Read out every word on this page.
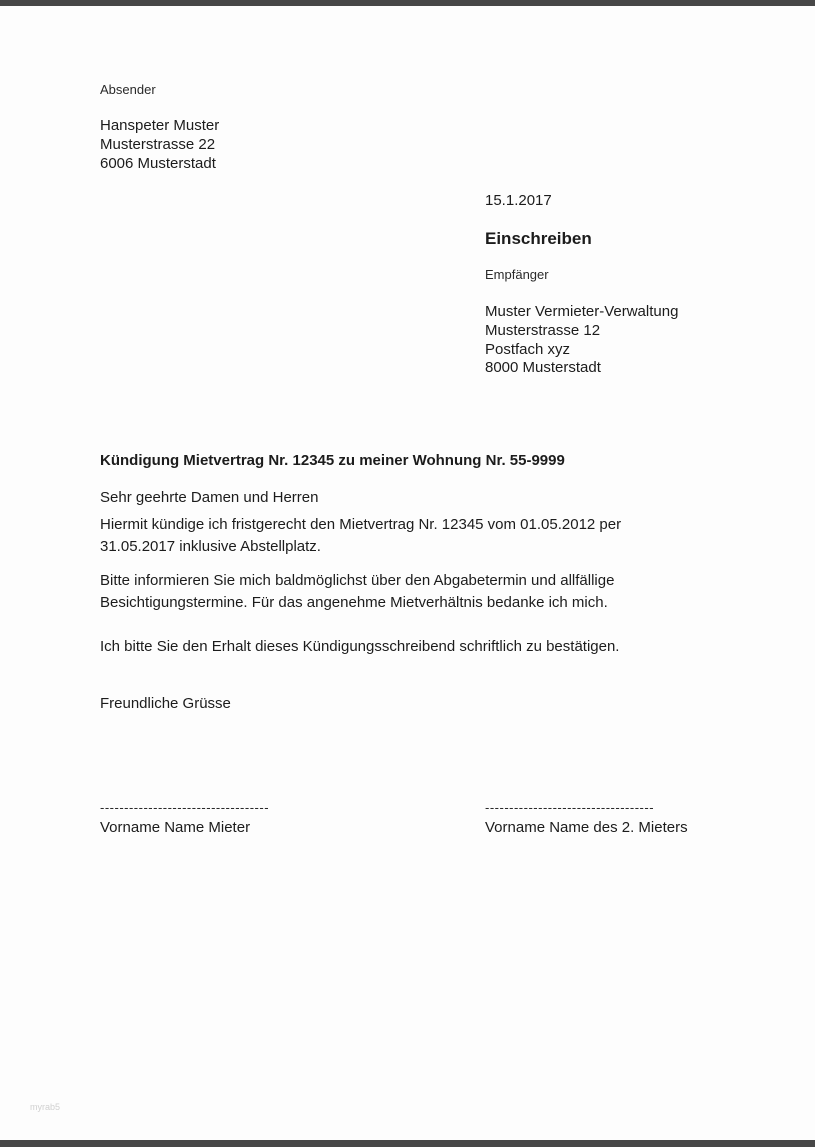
Absender
Hanspeter Muster
Musterstrasse 22
6006 Musterstadt
15.1.2017
Einschreiben
Empfänger
Muster Vermieter-Verwaltung
Musterstrasse 12
Postfach xyz
8000 Musterstadt
Kündigung Mietvertrag Nr. 12345 zu meiner Wohnung Nr. 55-9999
Sehr geehrte Damen und Herren

Hiermit kündige ich fristgerecht den Mietvertrag Nr. 12345 vom 01.05.2012 per 31.05.2017 inklusive Abstellplatz.

Bitte informieren Sie mich baldmöglichst über den Abgabetermin und allfällige Besichtigungstermine. Für das angenehme Mietverhältnis bedanke ich mich.

Ich bitte Sie den Erhalt dieses Kündigungsschreibend schriftlich zu bestätigen.

Freundliche Grüsse
-----------------------------------
Vorname Name Mieter
-----------------------------------
Vorname Name des 2. Mieters
myrab5
